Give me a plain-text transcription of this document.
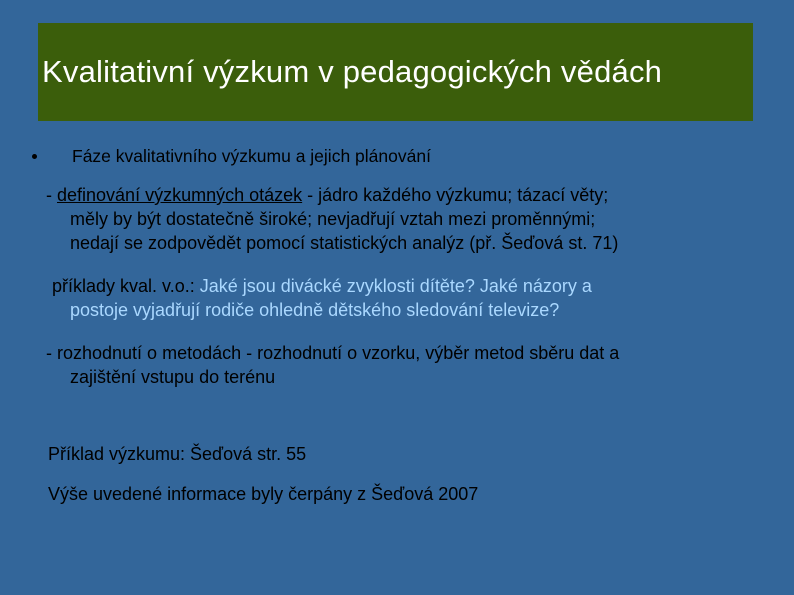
Kvalitativní výzkum v pedagogických vědách
Fáze kvalitativního výzkumu a jejich plánování
- definování výzkumných otázek - jádro každého výzkumu; tázací věty;
měly by být dostatečně široké; nevjadřují vztah mezi proměnnými;
nedají se zodpovědět pomocí statistických analýz (př. Šeďová st. 71)
příklady kval. v.o.: Jaké jsou divácké zvyklosti dítěte? Jaké názory a
postoje vyjadřují rodiče ohledně dětského sledování televize?
- rozhodnutí o metodách - rozhodnutí o vzorku, výběr metod sběru dat a
zajištění vstupu do terénu
Příklad výzkumu: Šeďová str. 55
Výše uvedené informace byly čerpány z Šeďová 2007
